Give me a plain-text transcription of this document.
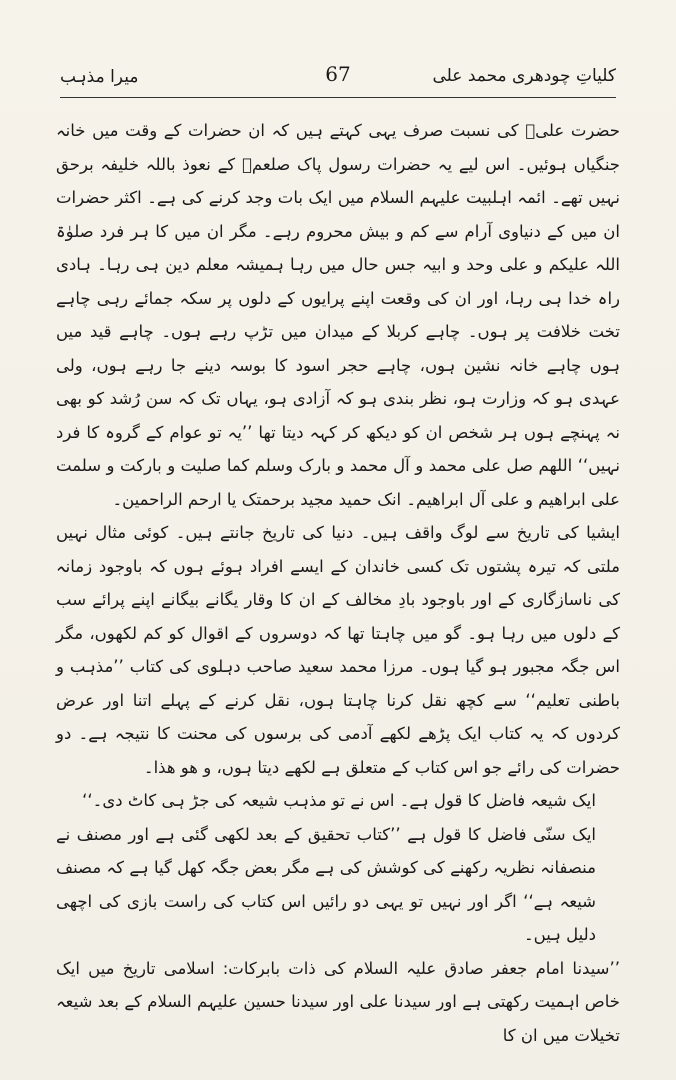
کلیاتِ چودھری محمد علی
67
میرا مذہب

حضرت علیؑ کی نسبت صرف یہی کہتے ہیں کہ ان حضرات کے وقت میں خانہ جنگیاں ہوئیں۔ اس لیے یہ حضرات رسول پاک صلعمؐ کے نعوذ باللہ خلیفہ برحق نہیں تھے۔ ائمہ اہلبیت علیہم السلام میں ایک بات وجد کرنے کی ہے۔ اکثر حضرات ان میں کے دنیاوی آرام سے کم و بیش محروم رہے۔ مگر ان میں کا ہر فرد صلوٰۃ اللہ علیکم و علی وحد و ابیہ جس حال میں رہا ہمیشہ معلم دین ہی رہا۔ ہادی راہ خدا ہی رہا، اور ان کی وقعت اپنے پرایوں کے دلوں پر سکہ جمائے رہی چاہے تخت خلافت پر ہوں۔ چاہے کربلا کے میدان میں تڑپ رہے ہوں۔ چاہے قید میں ہوں چاہے خانہ نشین ہوں، چاہے حجر اسود کا بوسہ دینے جا رہے ہوں، ولی عہدی ہو کہ وزارت ہو، نظر بندی ہو کہ آزادی ہو، یہاں تک کہ سن رُشد کو بھی نہ پہنچے ہوں ہر شخص ان کو دیکھ کر کہہ دیتا تھا ’’یہ تو عوام کے گروہ کا فرد نہیں‘‘ اللھم صل علی محمد و آل محمد و بارک وسلم کما صلیت و بارکت و سلمت علی ابراھیم و علی آل ابراھیم۔ انک حمید مجید برحمتک یا ارحم الراحمین۔

ایشیا کی تاریخ سے لوگ واقف ہیں۔ دنیا کی تاریخ جانتے ہیں۔ کوئی مثال نہیں ملتی کہ تیرہ پشتوں تک کسی خاندان کے ایسے افراد ہوئے ہوں کہ باوجود زمانہ کی ناسازگاری کے اور باوجود بادِ مخالف کے ان کا وقار یگانے بیگانے اپنے پرائے سب کے دلوں میں رہا ہو۔ گو میں چاہتا تھا کہ دوسروں کے اقوال کو کم لکھوں، مگر اس جگہ مجبور ہو گیا ہوں۔ مرزا محمد سعید صاحب دہلوی کی کتاب ’’مذہب و باطنی تعلیم‘‘ سے کچھ نقل کرنا چاہتا ہوں، نقل کرنے کے پہلے اتنا اور عرض کردوں کہ یہ کتاب ایک پڑھے لکھے آدمی کی برسوں کی محنت کا نتیجہ ہے۔ دو حضرات کی رائے جو اس کتاب کے متعلق ہے لکھے دیتا ہوں، و ھو ھذا۔

ایک شیعہ فاضل کا قول ہے۔ اس نے تو مذہب شیعہ کی جڑ ہی کاٹ دی۔‘‘

ایک سنّی فاضل کا قول ہے ’’کتاب تحقیق کے بعد لکھی گئی ہے اور مصنف نے منصفانہ نظریہ رکھنے کی کوشش کی ہے مگر بعض جگہ کھل گیا ہے کہ مصنف شیعہ ہے‘‘ اگر اور نہیں تو یہی دو رائیں اس کتاب کی راست بازی کی اچھی دلیل ہیں۔

’’سیدنا امام جعفر صادق علیہ السلام کی ذات بابرکات: اسلامی تاریخ میں ایک خاص اہمیت رکھتی ہے اور سیدنا علی اور سیدنا حسین علیہم السلام کے بعد شیعہ تخیلات میں ان کا
